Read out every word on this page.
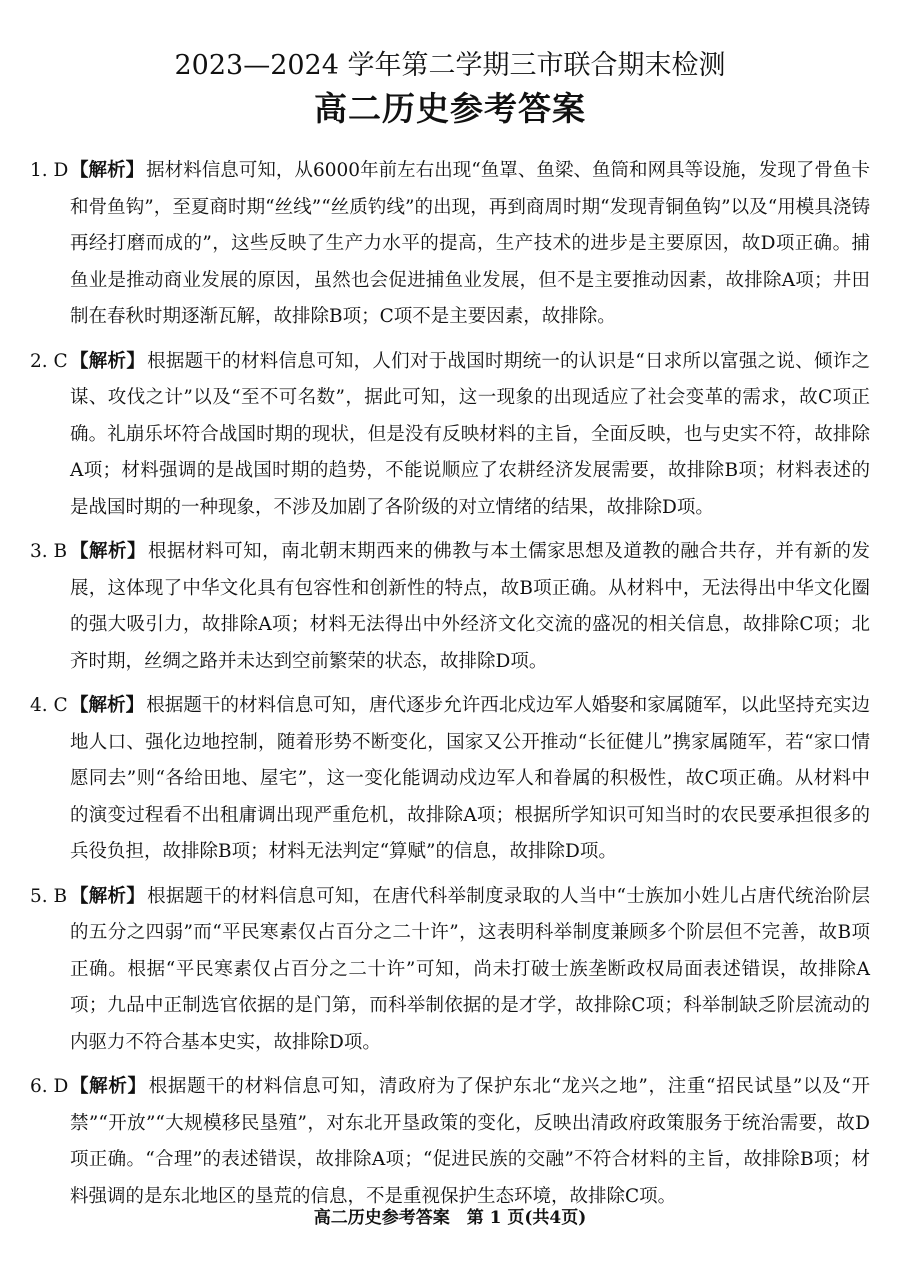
2023—2024 学年第二学期三市联合期末检测
高二历史参考答案
1. D 【解析】 据材料信息可知，从6000年前左右出现“鱼罩、鱼梁、鱼筒和网具等设施，发现了骨鱼卡和骨鱼钩”，至夏商时期“丝线”“丝质钓线”的出现，再到商周时期“发现青铜鱼钩”以及“用模具浇铸再经打磨而成的”，这些反映了生产力水平的提高，生产技术的进步是主要原因，故D项正确。捕鱼业是推动商业发展的原因，虽然也会促进捕鱼业发展，但不是主要推动因素，故排除A项；井田制在春秋时期逐渐瓦解，故排除B项；C项不是主要因素，故排除。
2. C 【解析】 根据题干的材料信息可知，人们对于战国时期统一的认识是“日求所以富强之说、倾诈之谋、攻伐之计”以及“至不可名数”，据此可知，这一现象的出现适应了社会变革的需求，故C项正确。礼崩乐坏符合战国时期的现状，但是没有反映材料的主旨，全面反映，也与史实不符，故排除A项；材料强调的是战国时期的趋势，不能说顺应了农耕经济发展需要，故排除B项；材料表述的是战国时期的一种现象，不涉及加剧了各阶级的对立情绪的结果，故排除D项。
3. B 【解析】 根据材料可知，南北朝末期西来的佛教与本土儒家思想及道教的融合共存，并有新的发展，这体现了中华文化具有包容性和创新性的特点，故B项正确。从材料中，无法得出中华文化圈的强大吸引力，故排除A项；材料无法得出中外经济文化交流的盛况的相关信息，故排除C项；北齐时期，丝绸之路并未达到空前繁荣的状态，故排除D项。
4. C 【解析】 根据题干的材料信息可知，唐代逐步允许西北戍边军人婚娶和家属随军，以此坚持充实边地人口、强化边地控制，随着形势不断变化，国家又公开推动“长征健儿”携家属随军，若“家口情愿同去”则“各给田地、屋宅”，这一变化能调动戍边军人和眷属的积极性，故C项正确。从材料中的演变过程看不出租庸调出现严重危机，故排除A项；根据所学知识可知当时的农民要承担很多的兵役负担，故排除B项；材料无法判定“算赋”的信息，故排除D项。
5. B 【解析】 根据题干的材料信息可知，在唐代科举制度录取的人当中“士族加小姓儿占唐代统治阶层的五分之四弱”而“平民寒素仅占百分之二十许”，这表明科举制度兼顾多个阶层但不完善，故B项正确。根据“平民寒素仅占百分之二十许”可知，尚未打破士族垄断政权局面表述错误，故排除A项；九品中正制选官依据的是门第，而科举制依据的是才学，故排除C项；科举制缺乏阶层流动的内驱力不符合基本史实，故排除D项。
6. D 【解析】 根据题干的材料信息可知，清政府为了保护东北“龙兴之地”，注重“招民试垦”以及“开禁”“开放”“大规模移民垦殖”，对东北开垦政策的变化，反映出清政府政策服务于统治需要，故D项正确。“合理”的表述错误，故排除A项；“促进民族的交融”不符合材料的主旨，故排除B项；材料强调的是东北地区的垦荒的信息，不是重视保护生态环境，故排除C项。
高二历史参考答案　第 1 页(共4页)
